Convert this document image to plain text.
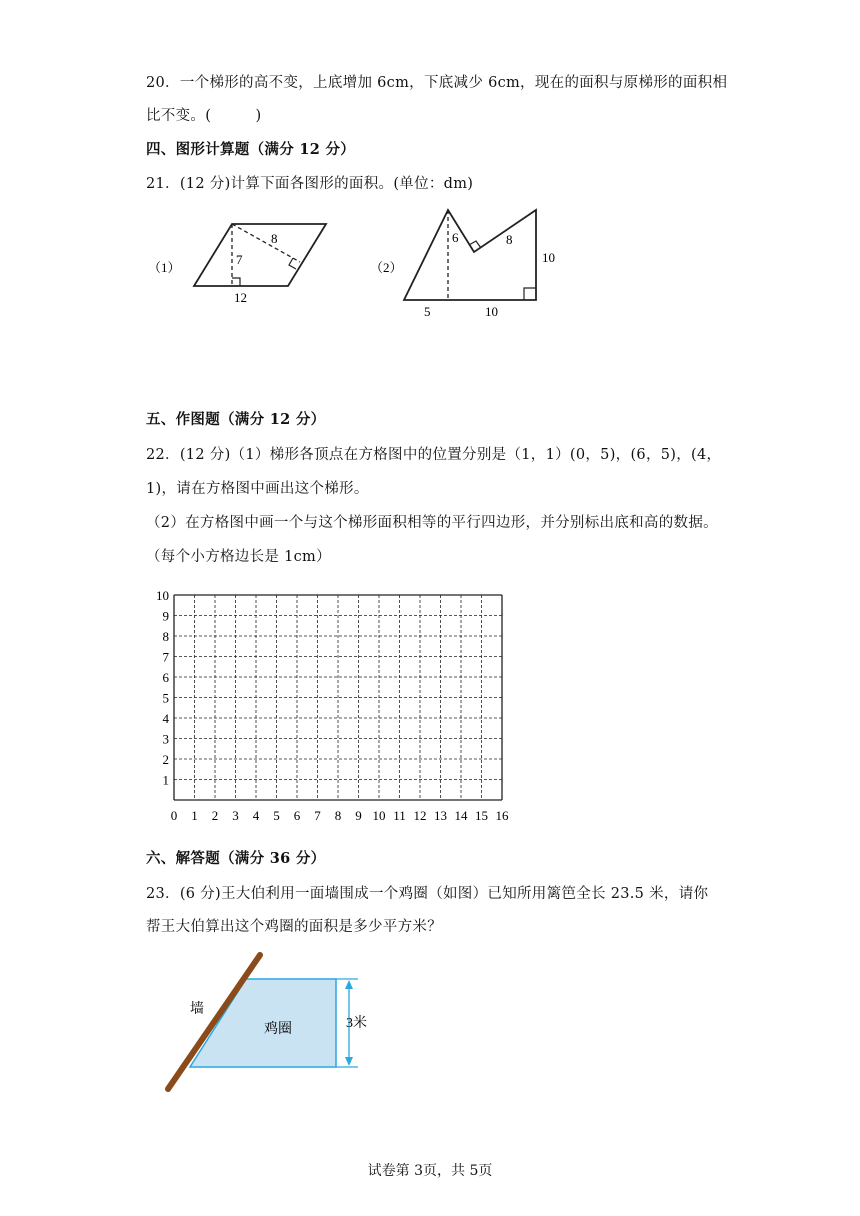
20．一个梯形的高不变，上底增加 6cm，下底减少 6cm，现在的面积与原梯形的面积相
比不变。(　　　)
四、图形计算题（满分 12 分）
21．(12 分)计算下面各图形的面积。(单位：dm)
（1）
7
8
12
（2）
6	8
10
5	10
五、作图题（满分 12 分）
22．(12 分)（1）梯形各顶点在方格图中的位置分别是（1，1）(0，5)，(6，5)，(4，
1)，请在方格图中画出这个梯形。
（2）在方格图中画一个与这个梯形面积相等的平行四边形，并分别标出底和高的数据。
（每个小方格边长是 1cm）
0 1 2 3 4 5 6 7 8 9 10 11 12 13 14 15 16
1
2
3
4
5
6
7
8
9
10
六、解答题（满分 36 分）
23．(6 分)王大伯利用一面墙围成一个鸡圈（如图）已知所用篱笆全长 23.5 米，请你
帮王大伯算出这个鸡圈的面积是多少平方米？
墙
鸡圈	3米
试卷第 3页，共 5页
